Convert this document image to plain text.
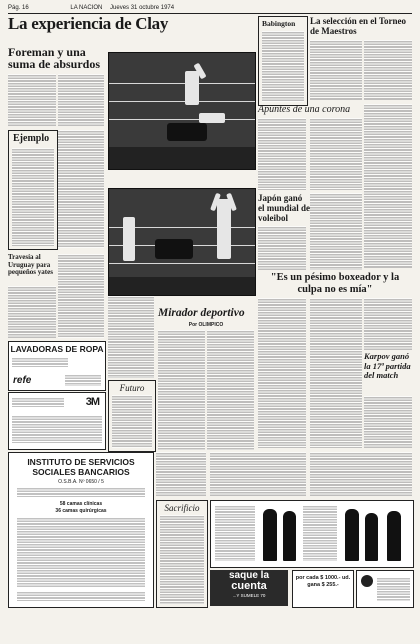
Pág. 16	LA NACION Jueves 31 octubre 1974
La experiencia de Clay
Foreman y una suma de absurdos
Ejemplo
Travesía al Uruguay para pequeños yates
LAVADORAS DE ROPA
refe
3M
Futuro
Mirador deportivo
Por OLIMPICO
Babington	La selección en el Torneo de Maestros
Apuntes de una corona
Japón ganó el mundial de voleibol
"Es un pésimo boxeador y la culpa no es mía"
Karpov ganó la 17ª partida del match
INSTITUTO DE SERVICIOS SOCIALES BANCARIOS
O.S.B.A. Nº 0650 / 5
58 camas clínicas
36 camas quirúrgicas	Sacrificio
saque la
cuenta
...Y SUMELE 70
por cada $ 1000.- ud. gana $ 255.-
